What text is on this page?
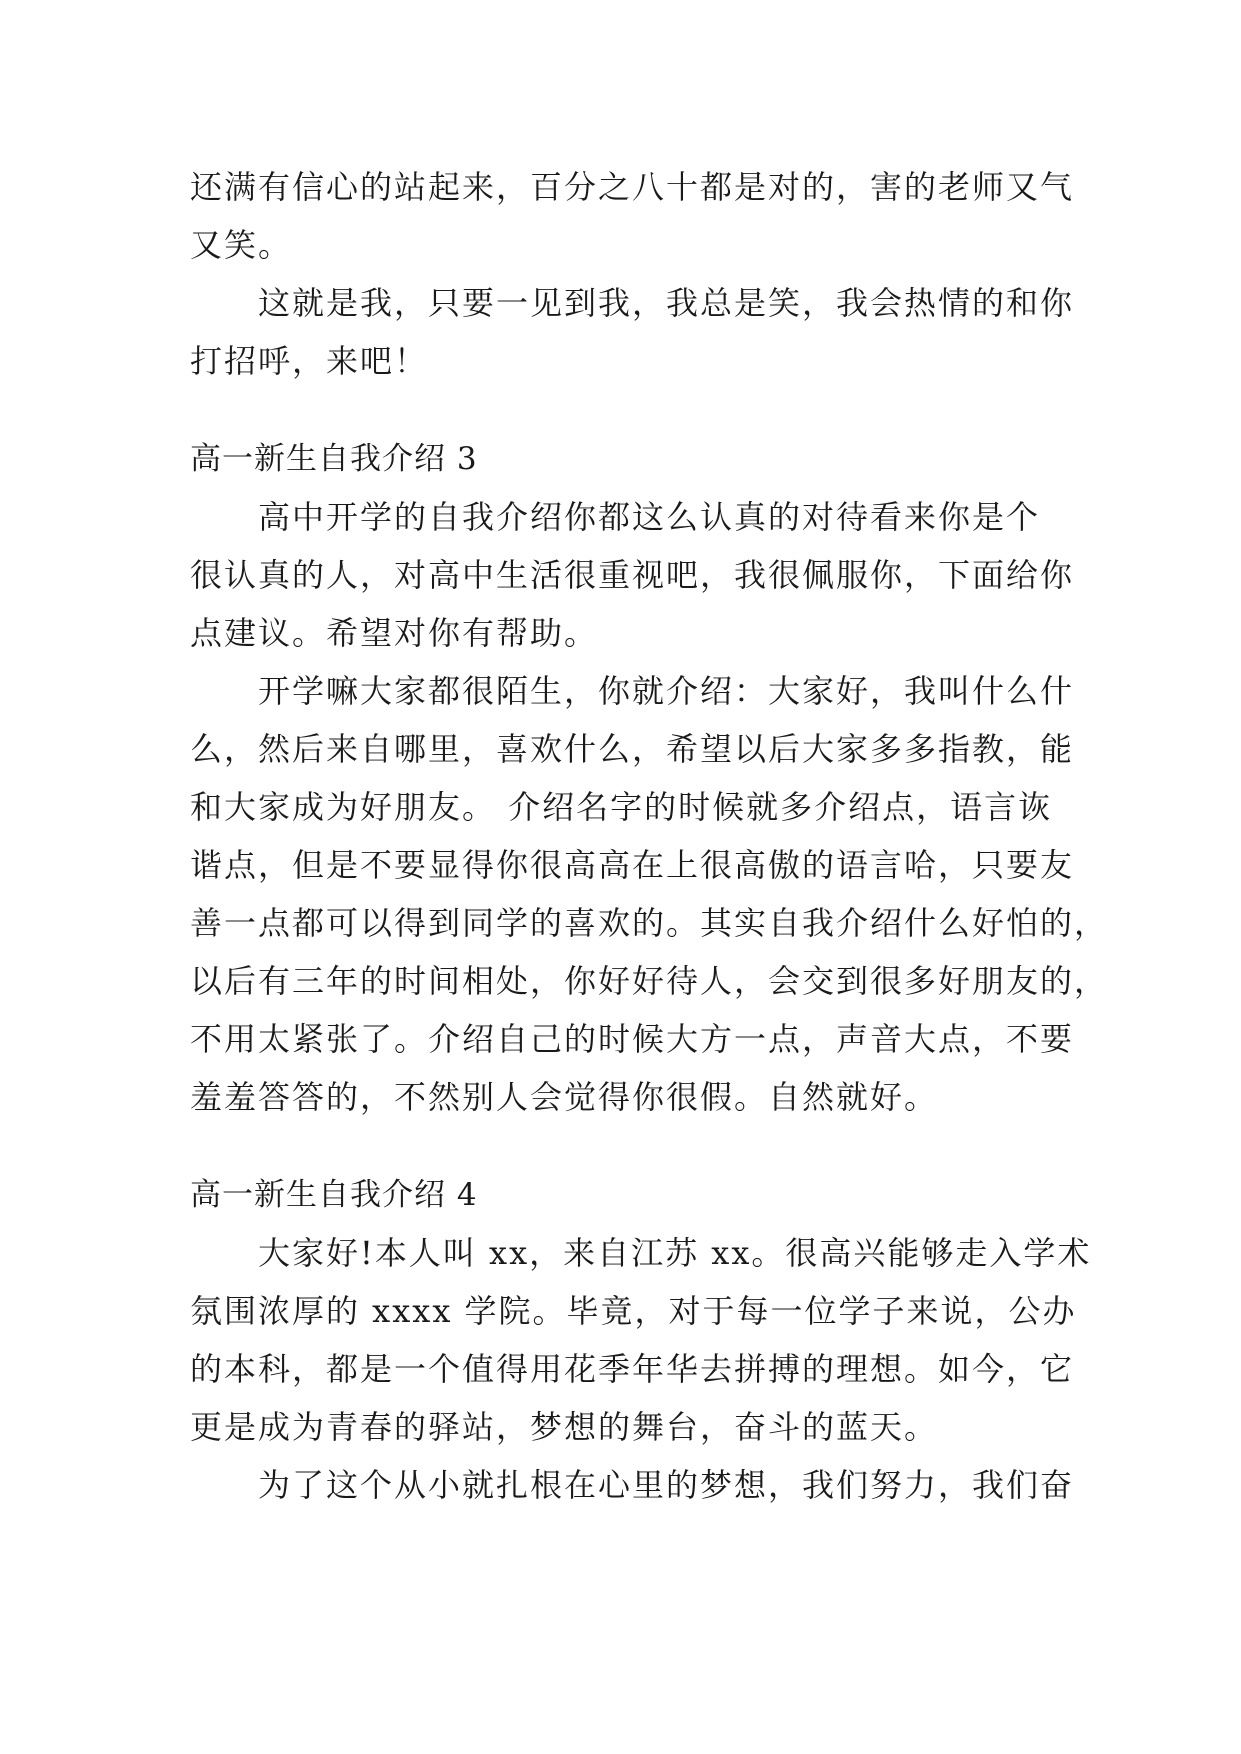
还满有信心的站起来，百分之八十都是对的，害的老师又气
又笑。
这就是我，只要一见到我，我总是笑，我会热情的和你
打招呼，来吧！
高一新生自我介绍 3
高中开学的自我介绍你都这么认真的对待看来你是个
很认真的人，对高中生活很重视吧，我很佩服你，下面给你
点建议。希望对你有帮助。
开学嘛大家都很陌生，你就介绍：大家好，我叫什么什
么，然后来自哪里，喜欢什么，希望以后大家多多指教，能
和大家成为好朋友。 介绍名字的时候就多介绍点，语言诙
谐点，但是不要显得你很高高在上很高傲的语言哈，只要友
善一点都可以得到同学的喜欢的。其实自我介绍什么好怕的，
以后有三年的时间相处，你好好待人，会交到很多好朋友的，
不用太紧张了。介绍自己的时候大方一点，声音大点，不要
羞羞答答的，不然别人会觉得你很假。自然就好。
高一新生自我介绍 4
大家好!本人叫 xx，来自江苏 xx。很高兴能够走入学术
氛围浓厚的 xxxx 学院。毕竟，对于每一位学子来说，公办
的本科，都是一个值得用花季年华去拼搏的理想。如今，它
更是成为青春的驿站，梦想的舞台，奋斗的蓝天。
为了这个从小就扎根在心里的梦想，我们努力，我们奋
